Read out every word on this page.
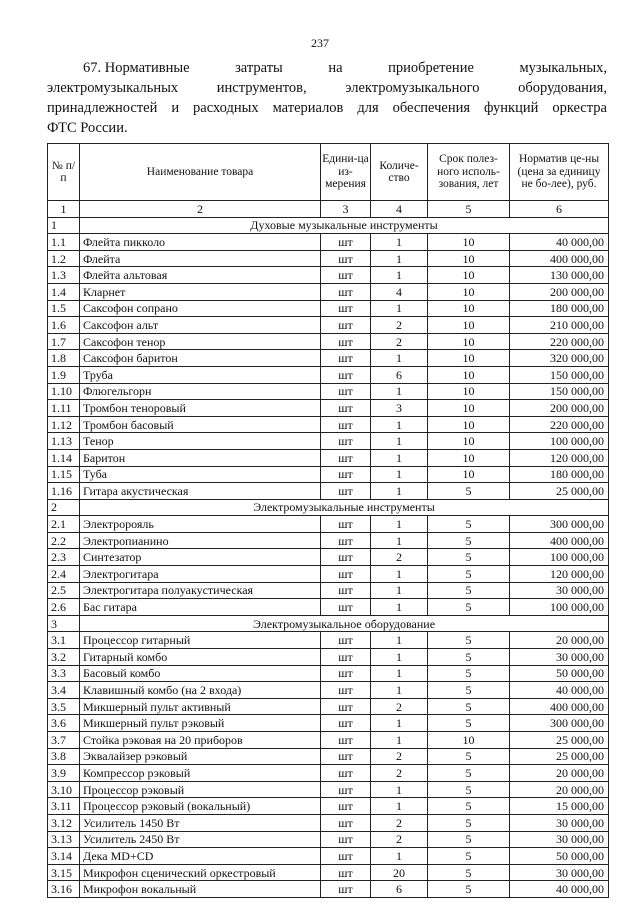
237
67. Нормативные	затраты	на	приобретение	музыкальных,
электромузыкальных	инструментов,	электромузыкального	оборудования,
принадлежностей и расходных материалов для обеспечения функций оркестра
ФТС России.
№ п/п	Наименование товара	Едини-ца из-мерения	Количе-ство	Срок полез-ного исполь-зования, лет	Норматив це-ны (цена за единицу не бо-лее), руб.
1	2	3	4	5	6
1	Духовые музыкальные инструменты				
1.1	Флейта пикколо	шт	1	10	40 000,00
1.2	Флейта	шт	1	10	400 000,00
1.3	Флейта альтовая	шт	1	10	130 000,00
1.4	Кларнет	шт	4	10	200 000,00
1.5	Саксофон сопрано	шт	1	10	180 000,00
1.6	Саксофон альт	шт	2	10	210 000,00
1.7	Саксофон тенор	шт	2	10	220 000,00
1.8	Саксофон баритон	шт	1	10	320 000,00
1.9	Труба	шт	6	10	150 000,00
1.10	Флюгельгорн	шт	1	10	150 000,00
1.11	Тромбон теноровый	шт	3	10	200 000,00
1.12	Тромбон басовый	шт	1	10	220 000,00
1.13	Тенор	шт	1	10	100 000,00
1.14	Баритон	шт	1	10	120 000,00
1.15	Туба	шт	1	10	180 000,00
1.16	Гитара акустическая	шт	1	5	25 000,00
2	Электромузыкальные инструменты				
2.1	Электророяль	шт	1	5	300 000,00
2.2	Электропианино	шт	1	5	400 000,00
2.3	Синтезатор	шт	2	5	100 000,00
2.4	Электрогитара	шт	1	5	120 000,00
2.5	Электрогитара полуакустическая	шт	1	5	30 000,00
2.6	Бас гитара	шт	1	5	100 000,00
3	Электромузыкальное оборудование				
3.1	Процессор гитарный	шт	1	5	20 000,00
3.2	Гитарный комбо	шт	1	5	30 000,00
3.3	Басовый комбо	шт	1	5	50 000,00
3.4	Клавишный комбо (на 2 входа)	шт	1	5	40 000,00
3.5	Микшерный пульт активный	шт	2	5	400 000,00
3.6	Микшерный пульт рэковый	шт	1	5	300 000,00
3.7	Стойка рэковая на 20 приборов	шт	1	10	25 000,00
3.8	Эквалайзер рэковый	шт	2	5	25 000,00
3.9	Компрессор рэковый	шт	2	5	20 000,00
3.10	Процессор рэковый	шт	1	5	20 000,00
3.11	Процессор рэковый (вокальный)	шт	1	5	15 000,00
3.12	Усилитель 1450 Вт	шт	2	5	30 000,00
3.13	Усилитель 2450 Вт	шт	2	5	30 000,00
3.14	Дека MD+CD	шт	1	5	50 000,00
3.15	Микрофон сценический оркестровый	шт	20	5	30 000,00
3.16	Микрофон вокальный	шт	6	5	40 000,00
